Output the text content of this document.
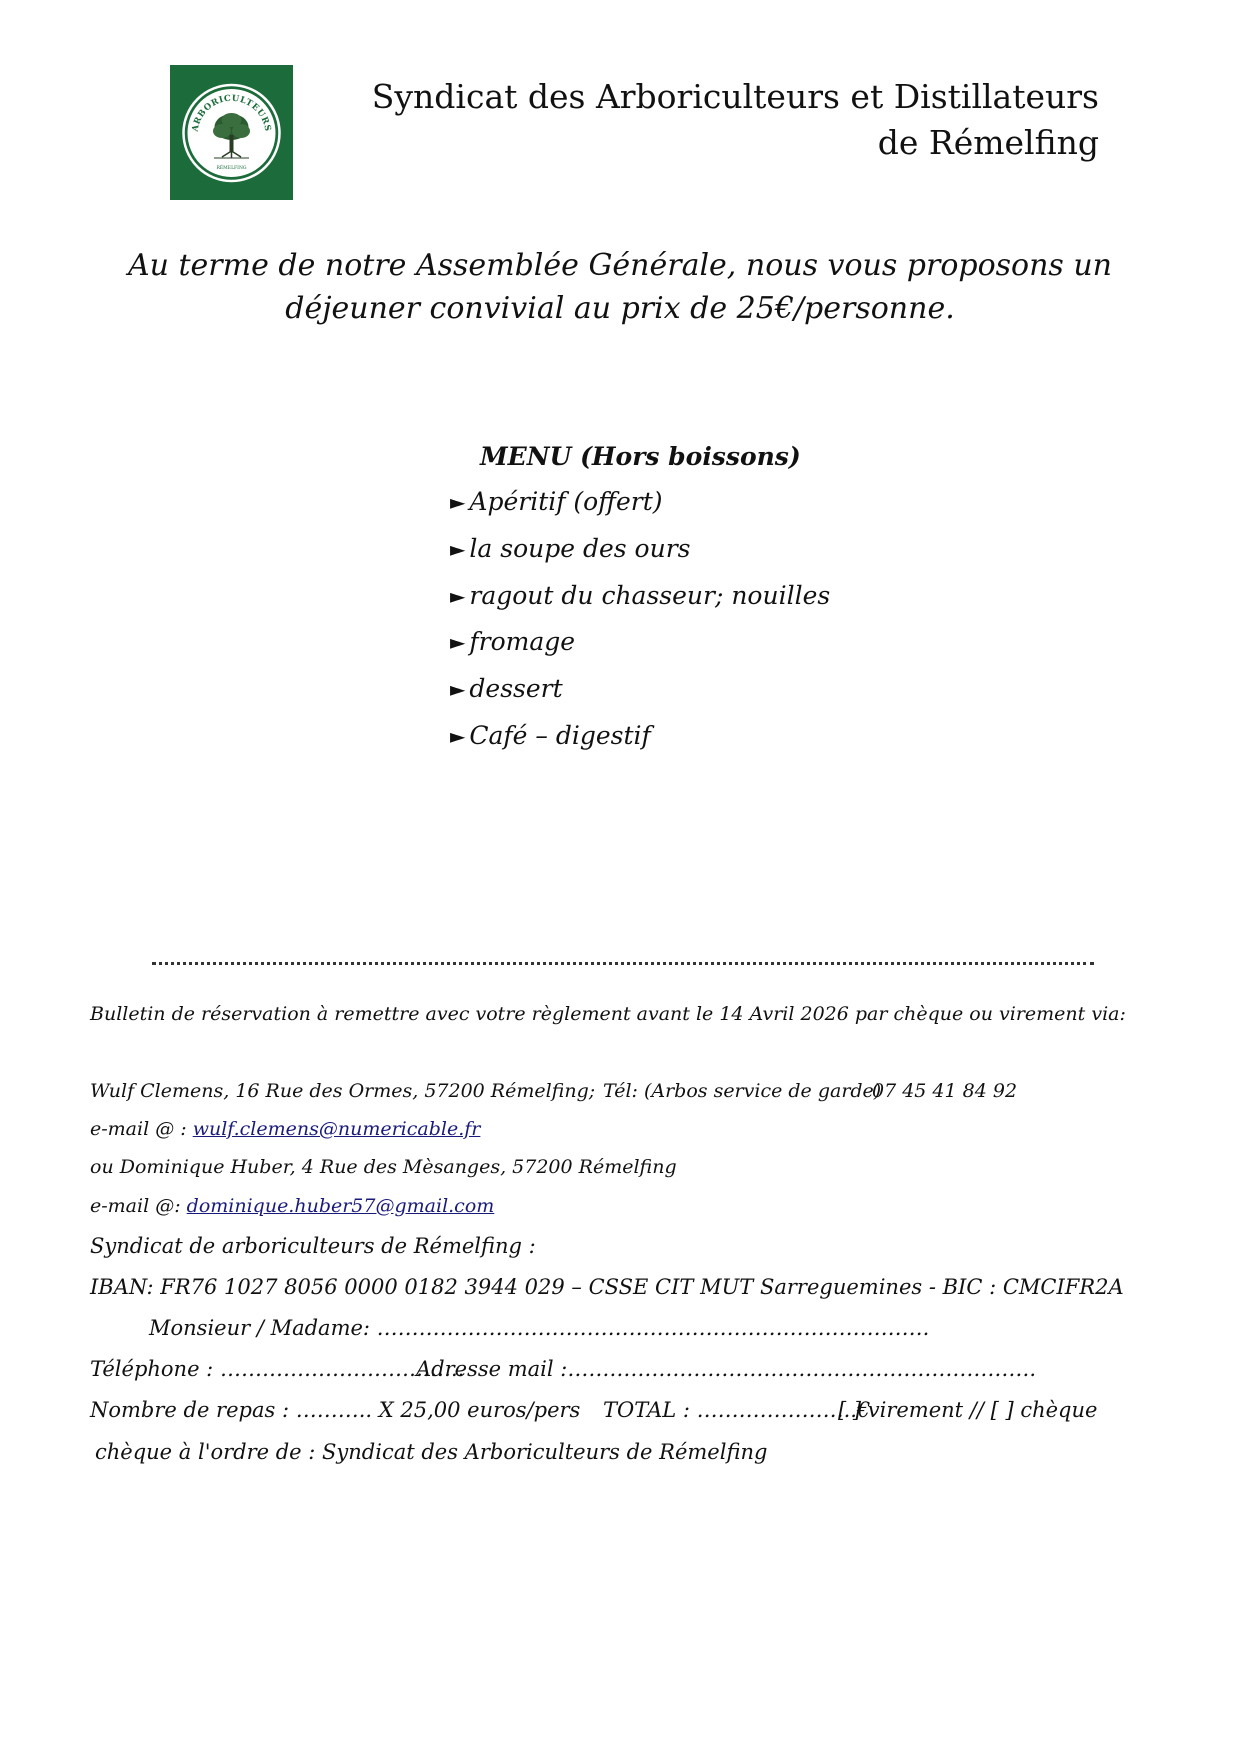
ARBORICULTEURS
RÉMELFING
Syndicat des Arboriculteurs et Distillateurs
de Rémelfing
Au terme de notre Assemblée Générale, nous vous proposons un
déjeuner convivial au prix de 25€/personne.
MENU (Hors boissons)
► Apéritif (offert)
► la soupe des ours
► ragout du chasseur; nouilles
► fromage
► dessert
► Café – digestif
Bulletin de réservation à remettre avec votre règlement avant le 14 Avril 2026 par chèque ou virement via:
Wulf Clemens, 16 Rue des Ormes, 57200 Rémelfing; Tél: (Arbos service de garde)
07 45 41 84 92
e-mail @ : wulf.clemens@numericable.fr
ou Dominique Huber, 4 Rue des Mèsanges, 57200 Rémelfing
e-mail @: dominique.huber57@gmail.com
Syndicat de arboriculteurs de Rémelfing :
IBAN: FR76 1027 8056 0000 0182 3944 029 – CSSE CIT MUT Sarreguemines - BIC : CMCIFR2A
Monsieur / Madame: …………………………………………………………………….
Téléphone : ……………………………..
Adresse mail :………………………………………………………….
Nombre de repas : ……….. X 25,00 euros/pers TOTAL : …………………..€
[ ] virement // [ ] chèque
chèque à l'ordre de : Syndicat des Arboriculteurs de Rémelfing
